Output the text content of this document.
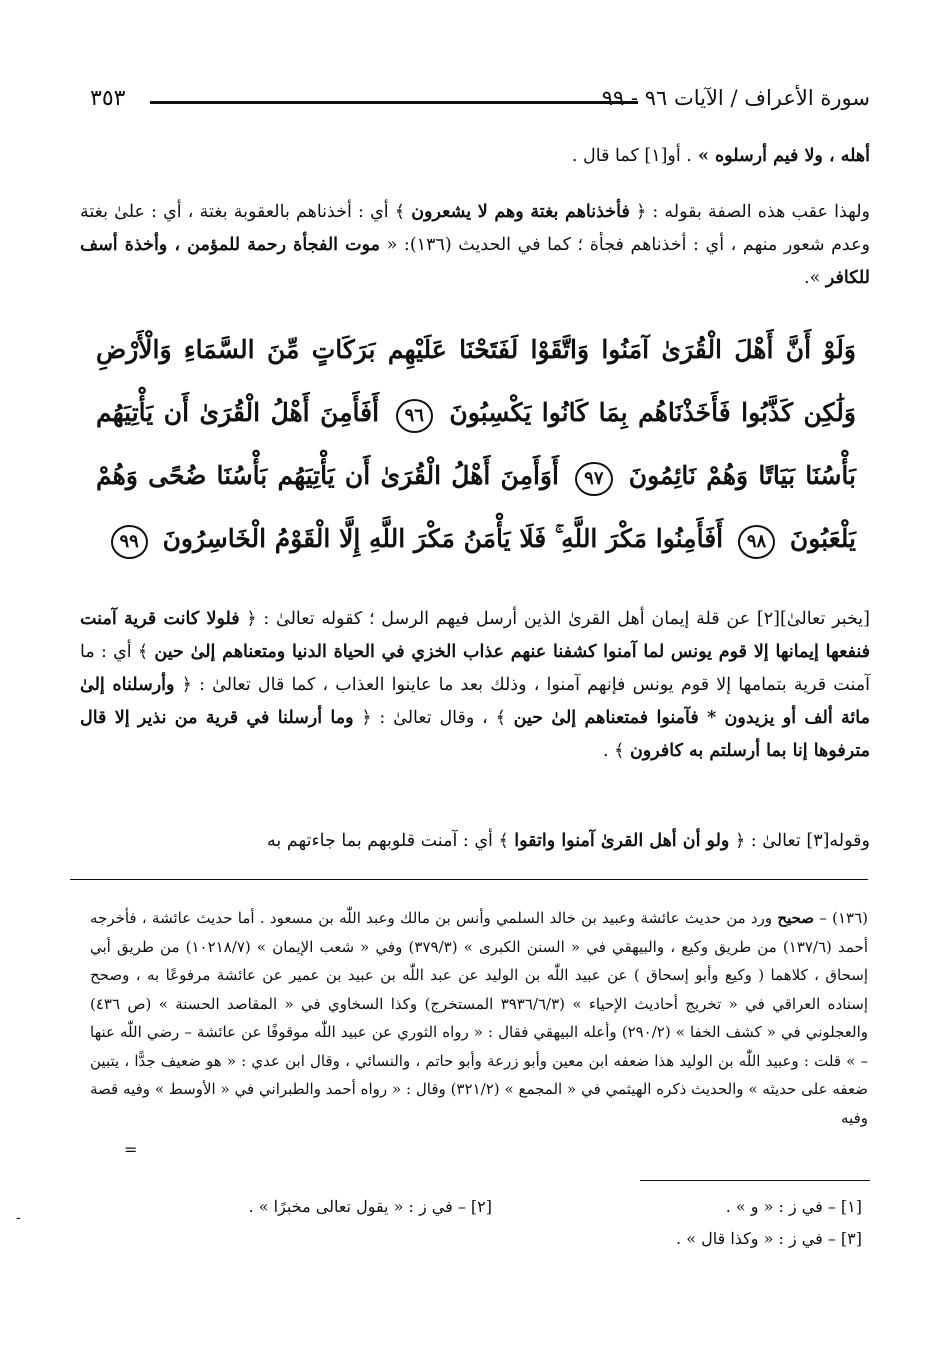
٣٥٣	سورة الأعراف / الآيات ٩٦ - ٩٩

أهله ، ولا فيم أرسلوه » . أو[١] كما قال .

ولهذا عقب هذه الصفة بقوله : ﴿ فأخذناهم بغتة وهم لا يشعرون ﴾ أي : أخذناهم بالعقوبة بغتة ، أي : علىٰ بغتة وعدم شعور منهم ، أي : أخذناهم فجأة ؛ كما في الحديث (١٣٦): « موت الفجأة رحمة للمؤمن ، وأخذة أسف للكافر ».

وَلَوْ أَنَّ أَهْلَ الْقُرَىٰ آمَنُوا وَاتَّقَوْا لَفَتَحْنَا عَلَيْهِم بَرَكَاتٍ مِّنَ السَّمَاءِ وَالْأَرْضِ وَلَٰكِن كَذَّبُوا فَأَخَذْنَاهُم بِمَا كَانُوا يَكْسِبُونَ ٩٦ أَفَأَمِنَ أَهْلُ الْقُرَىٰ أَن يَأْتِيَهُم بَأْسُنَا بَيَاتًا وَهُمْ نَائِمُونَ ٩٧ أَوَأَمِنَ أَهْلُ الْقُرَىٰ أَن يَأْتِيَهُم بَأْسُنَا ضُحًى وَهُمْ يَلْعَبُونَ ٩٨ أَفَأَمِنُوا مَكْرَ اللَّهِ ۚ فَلَا يَأْمَنُ مَكْرَ اللَّهِ إِلَّا الْقَوْمُ الْخَاسِرُونَ ٩٩

[يخبر تعالىٰ][٢] عن قلة إيمان أهل القرىٰ الذين أرسل فيهم الرسل ؛ كقوله تعالىٰ : ﴿ فلولا كانت قرية آمنت فنفعها إيمانها إلا قوم يونس لما آمنوا كشفنا عنهم عذاب الخزي في الحياة الدنيا ومتعناهم إلىٰ حين ﴾ أي : ما آمنت قرية بتمامها إلا قوم يونس فإنهم آمنوا ، وذلك بعد ما عاينوا العذاب ، كما قال تعالىٰ : ﴿ وأرسلناه إلىٰ مائة ألف أو يزيدون * فآمنوا فمتعناهم إلىٰ حين ﴾ ، وقال تعالىٰ : ﴿ وما أرسلنا في قرية من نذير إلا قال مترفوها إنا بما أرسلتم به كافرون ﴾ .

وقوله[٣] تعالىٰ : ﴿ ولو أن أهل القرىٰ آمنوا واتقوا ﴾ أي : آمنت قلوبهم بما جاءتهم به

(١٣٦) – صحيح ورد من حديث عائشة وعبيد بن خالد السلمي وأنس بن مالك وعبد اللّٰه بن مسعود . أما حديث عائشة ، فأخرجه أحمد (١٣٧/٦) من طريق وكيع ، والبيهقي في « السنن الكبرى » (٣٧٩/٣) وفي « شعب الإيمان » (١٠٢١٨/٧) من طريق أبي إسحاق ، كلاهما ( وكيع وأبو إسحاق ) عن عبيد اللّٰه بن الوليد عن عبد اللّٰه بن عبيد بن عمير عن عائشة مرفوعًا به ، وصحح إسناده العراقي في « تخريج أحاديث الإحياء » (٣٩٣٦/٦/٣ المستخرج) وكذا السخاوي في « المقاصد الحسنة » (ص ٤٣٦) والعجلوني في « كشف الخفا » (٢٩٠/٢) وأعله البيهقي فقال : « رواه الثوري عن عبيد اللّٰه موقوفًا عن عائشة – رضي اللّٰه عنها – » قلت : وعبيد اللّٰه بن الوليد هذا ضعفه ابن معين وأبو زرعة وأبو حاتم ، والنسائي ، وقال ابن عدي : « هو ضعيف جدًّا ، يتبين ضعفه على حديثه » والحديث ذكره الهيثمي في « المجمع » (٣٢١/٢) وقال : « رواه أحمد والطبراني في « الأوسط » وفيه قصة وفيه

=
[١] – في ز : « و » .
[٢] – في ز : « يقول تعالى مخبرًا » .
[٣] – في ز : « وكذا قال » .
-
